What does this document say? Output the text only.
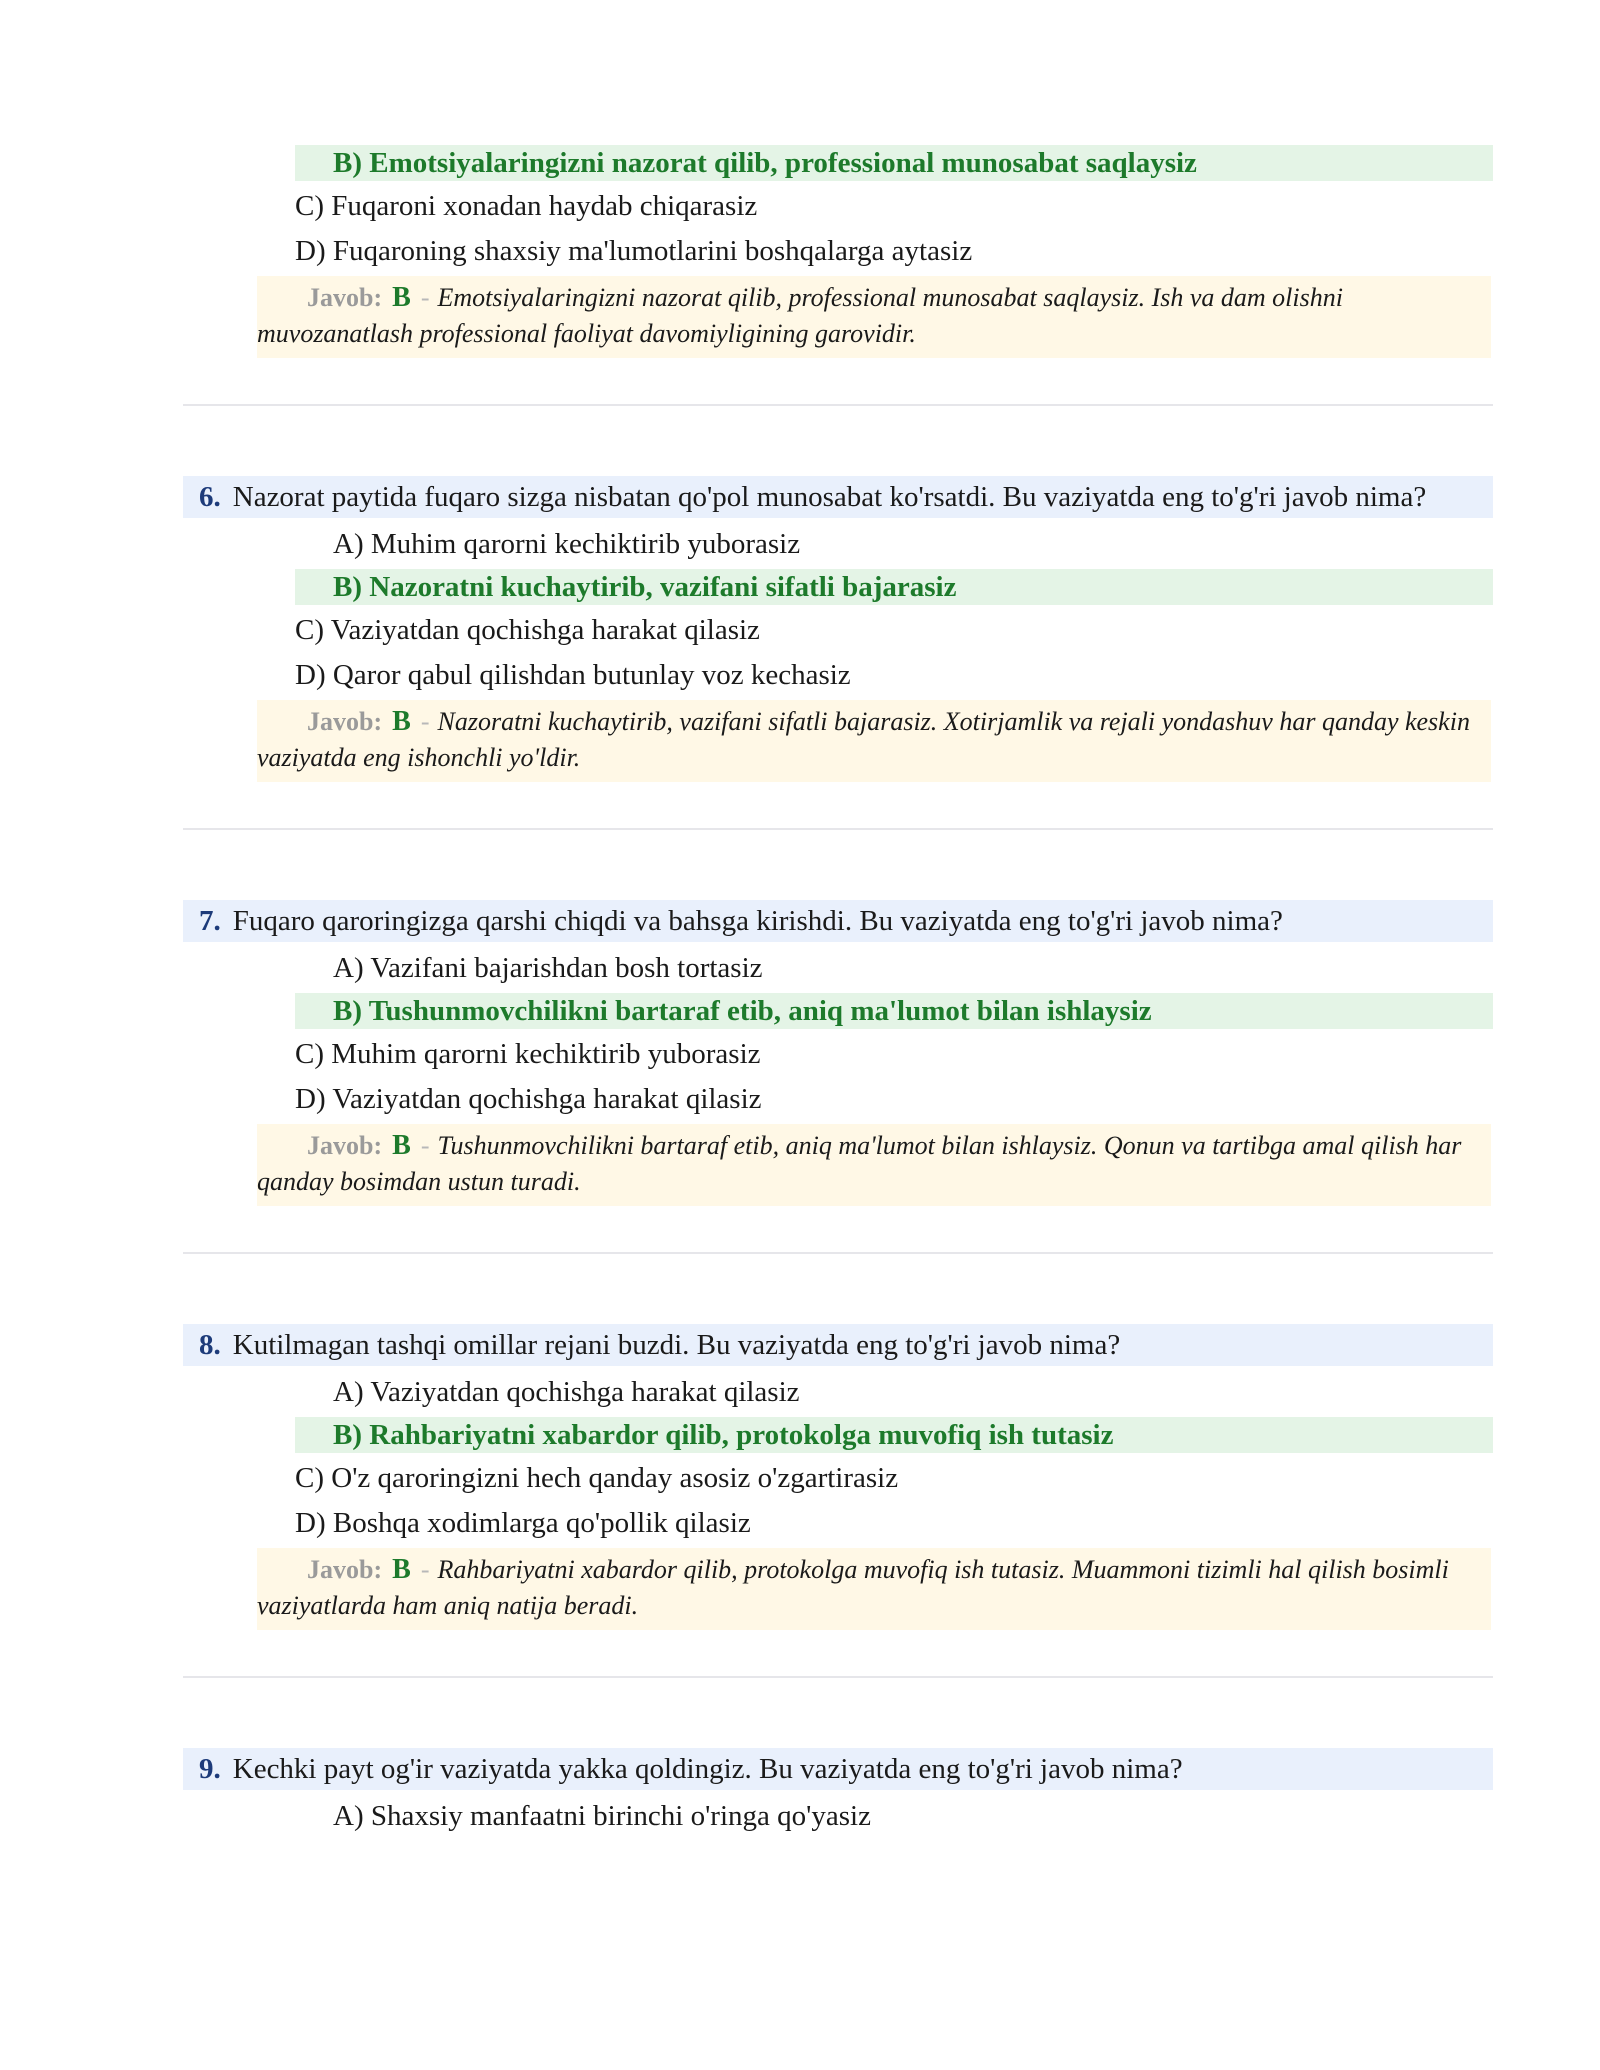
B) Emotsiyalaringizni nazorat qilib, professional munosabat saqlaysiz
C) Fuqaroni xonadan haydab chiqarasiz
D) Fuqaroning shaxsiy ma'lumotlarini boshqalarga aytasiz
Javob: B - Emotsiyalaringizni nazorat qilib, professional munosabat saqlaysiz. Ish va dam olishni muvozanatlash professional faoliyat davomiyligining garovidir.
6. Nazorat paytida fuqaro sizga nisbatan qo'pol munosabat ko'rsatdi. Bu vaziyatda eng to'g'ri javob nima?
A) Muhim qarorni kechiktirib yuborasiz
B) Nazoratni kuchaytirib, vazifani sifatli bajarasiz
C) Vaziyatdan qochishga harakat qilasiz
D) Qaror qabul qilishdan butunlay voz kechasiz
Javob: B - Nazoratni kuchaytirib, vazifani sifatli bajarasiz. Xotirjamlik va rejali yondashuv har qanday keskin vaziyatda eng ishonchli yo'ldir.
7. Fuqaro qaroringizga qarshi chiqdi va bahsga kirishdi. Bu vaziyatda eng to'g'ri javob nima?
A) Vazifani bajarishdan bosh tortasiz
B) Tushunmovchilikni bartaraf etib, aniq ma'lumot bilan ishlaysiz
C) Muhim qarorni kechiktirib yuborasiz
D) Vaziyatdan qochishga harakat qilasiz
Javob: B - Tushunmovchilikni bartaraf etib, aniq ma'lumot bilan ishlaysiz. Qonun va tartibga amal qilish har qanday bosimdan ustun turadi.
8. Kutilmagan tashqi omillar rejani buzdi. Bu vaziyatda eng to'g'ri javob nima?
A) Vaziyatdan qochishga harakat qilasiz
B) Rahbariyatni xabardor qilib, protokolga muvofiq ish tutasiz
C) O'z qaroringizni hech qanday asosiz o'zgartirasiz
D) Boshqa xodimlarga qo'pollik qilasiz
Javob: B - Rahbariyatni xabardor qilib, protokolga muvofiq ish tutasiz. Muammoni tizimli hal qilish bosimli vaziyatlarda ham aniq natija beradi.
9. Kechki payt og'ir vaziyatda yakka qoldingiz. Bu vaziyatda eng to'g'ri javob nima?
A) Shaxsiy manfaatni birinchi o'ringa qo'yasiz
